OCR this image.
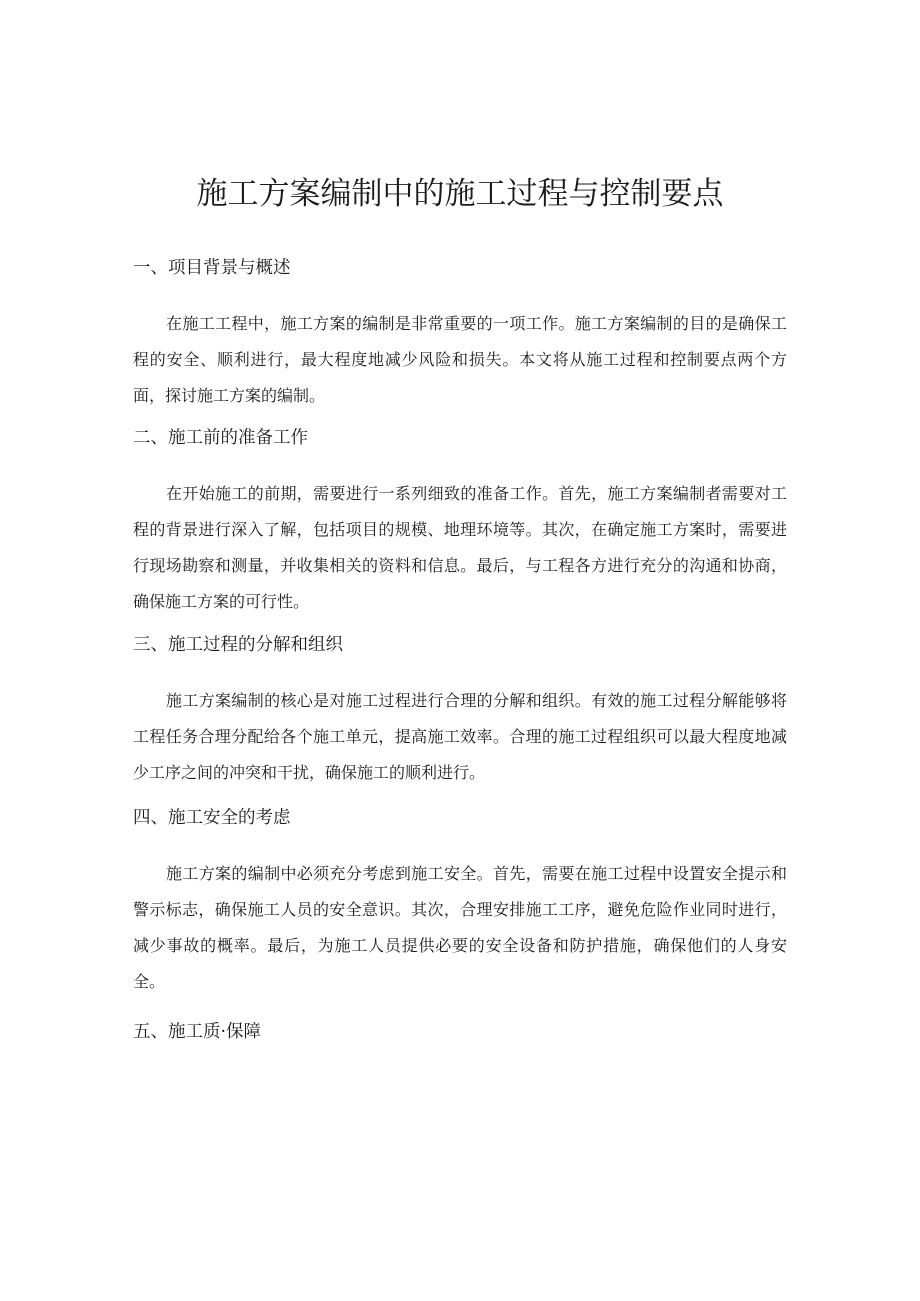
施工方案编制中的施工过程与控制要点
一、项目背景与概述

在施工工程中，施工方案的编制是非常重要的一项工作。施工方案编制的目的是确保工程的安全、顺利进行，最大程度地减少风险和损失。本文将从施工过程和控制要点两个方面，探讨施工方案的编制。

二、施工前的准备工作

在开始施工的前期，需要进行一系列细致的准备工作。首先，施工方案编制者需要对工程的背景进行深入了解，包括项目的规模、地理环境等。其次，在确定施工方案时，需要进行现场勘察和测量，并收集相关的资料和信息。最后，与工程各方进行充分的沟通和协商，确保施工方案的可行性。

三、施工过程的分解和组织

施工方案编制的核心是对施工过程进行合理的分解和组织。有效的施工过程分解能够将工程任务合理分配给各个施工单元，提高施工效率。合理的施工过程组织可以最大程度地减少工序之间的冲突和干扰，确保施工的顺利进行。

四、施工安全的考虑

施工方案的编制中必须充分考虑到施工安全。首先，需要在施工过程中设置安全提示和警示标志，确保施工人员的安全意识。其次，合理安排施工工序，避免危险作业同时进行，减少事故的概率。最后，为施工人员提供必要的安全设备和防护措施，确保他们的人身安全。

五、施工质·保障
